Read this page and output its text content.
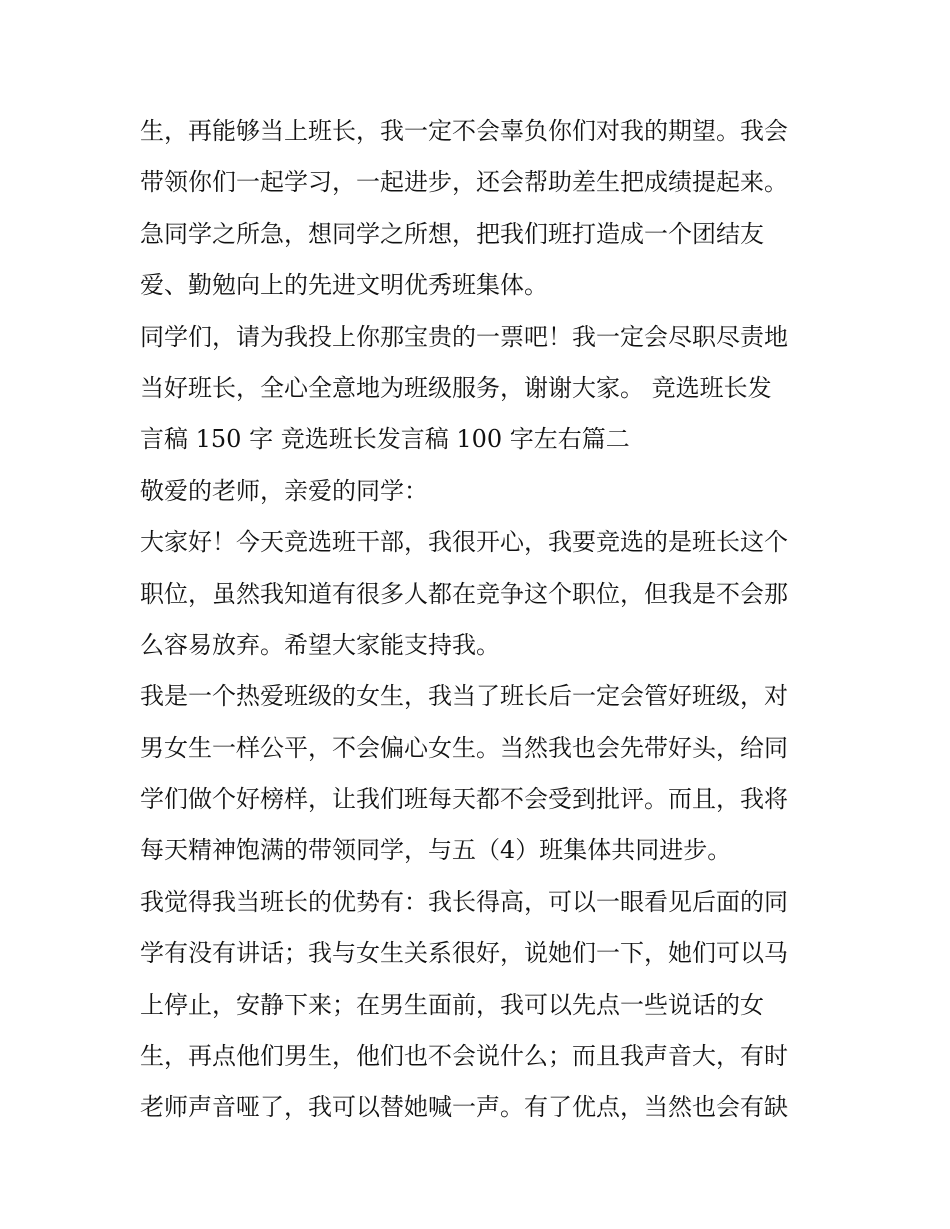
生，再能够当上班长，我一定不会辜负你们对我的期望。我会
带领你们一起学习，一起进步，还会帮助差生把成绩提起来。
急同学之所急，想同学之所想，把我们班打造成一个团结友
爱、勤勉向上的先进文明优秀班集体。
同学们，请为我投上你那宝贵的一票吧！我一定会尽职尽责地
当好班长，全心全意地为班级服务，谢谢大家。 竞选班长发
言稿 150 字 竞选班长发言稿 100 字左右篇二
敬爱的老师，亲爱的同学：
大家好！今天竞选班干部，我很开心，我要竞选的是班长这个
职位，虽然我知道有很多人都在竞争这个职位，但我是不会那
么容易放弃。希望大家能支持我。
我是一个热爱班级的女生，我当了班长后一定会管好班级，对
男女生一样公平，不会偏心女生。当然我也会先带好头，给同
学们做个好榜样，让我们班每天都不会受到批评。而且，我将
每天精神饱满的带领同学，与五（4）班集体共同进步。
我觉得我当班长的优势有：我长得高，可以一眼看见后面的同
学有没有讲话；我与女生关系很好，说她们一下，她们可以马
上停止，安静下来；在男生面前，我可以先点一些说话的女
生，再点他们男生，他们也不会说什么；而且我声音大，有时
老师声音哑了，我可以替她喊一声。有了优点，当然也会有缺
